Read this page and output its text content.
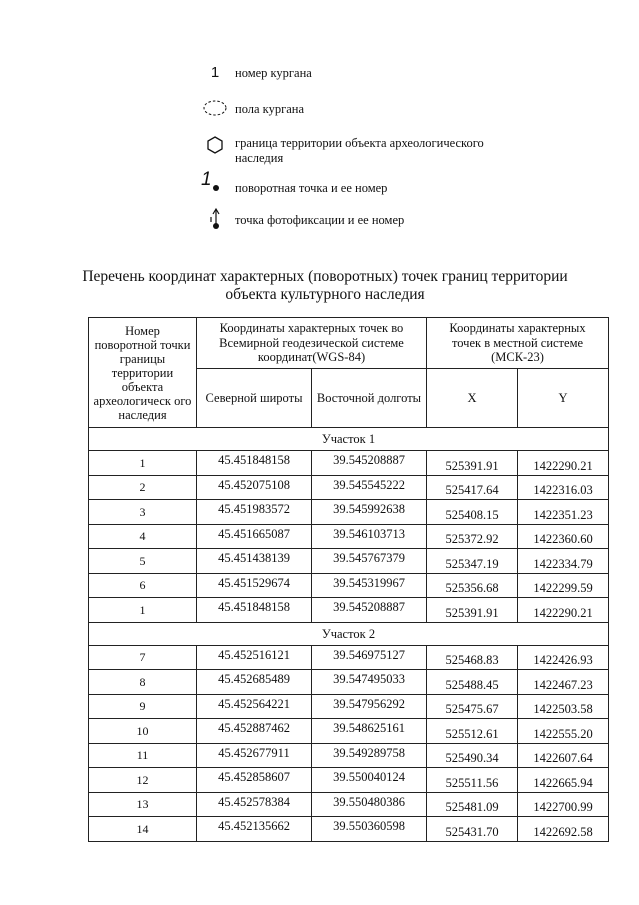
1 номер кургана
пола кургана
граница территории объекта археологического наследия
1 поворотная точка и ее номер
точка фотофиксации и ее номер
Перечень координат характерных (поворотных) точек границ территории объекта культурного наследия
Номер поворотной точки границы территории объекта археологическ ого наследия	Координаты характерных точек во Всемирной геодезической системе координат(WGS-84)		Координаты характерных точек в местной системе (МСК-23)	
	Северной широты	Восточной долготы	X	Y
Участок 1				
1	45.451848158	39.545208887	525391.91	1422290.21
2	45.452075108	39.545545222	525417.64	1422316.03
3	45.451983572	39.545992638	525408.15	1422351.23
4	45.451665087	39.546103713	525372.92	1422360.60
5	45.451438139	39.545767379	525347.19	1422334.79
6	45.451529674	39.545319967	525356.68	1422299.59
1	45.451848158	39.545208887	525391.91	1422290.21
Участок 2				
7	45.452516121	39.546975127	525468.83	1422426.93
8	45.452685489	39.547495033	525488.45	1422467.23
9	45.452564221	39.547956292	525475.67	1422503.58
10	45.452887462	39.548625161	525512.61	1422555.20
11	45.452677911	39.549289758	525490.34	1422607.64
12	45.452858607	39.550040124	525511.56	1422665.94
13	45.452578384	39.550480386	525481.09	1422700.99
14	45.452135662	39.550360598	525431.70	1422692.58
